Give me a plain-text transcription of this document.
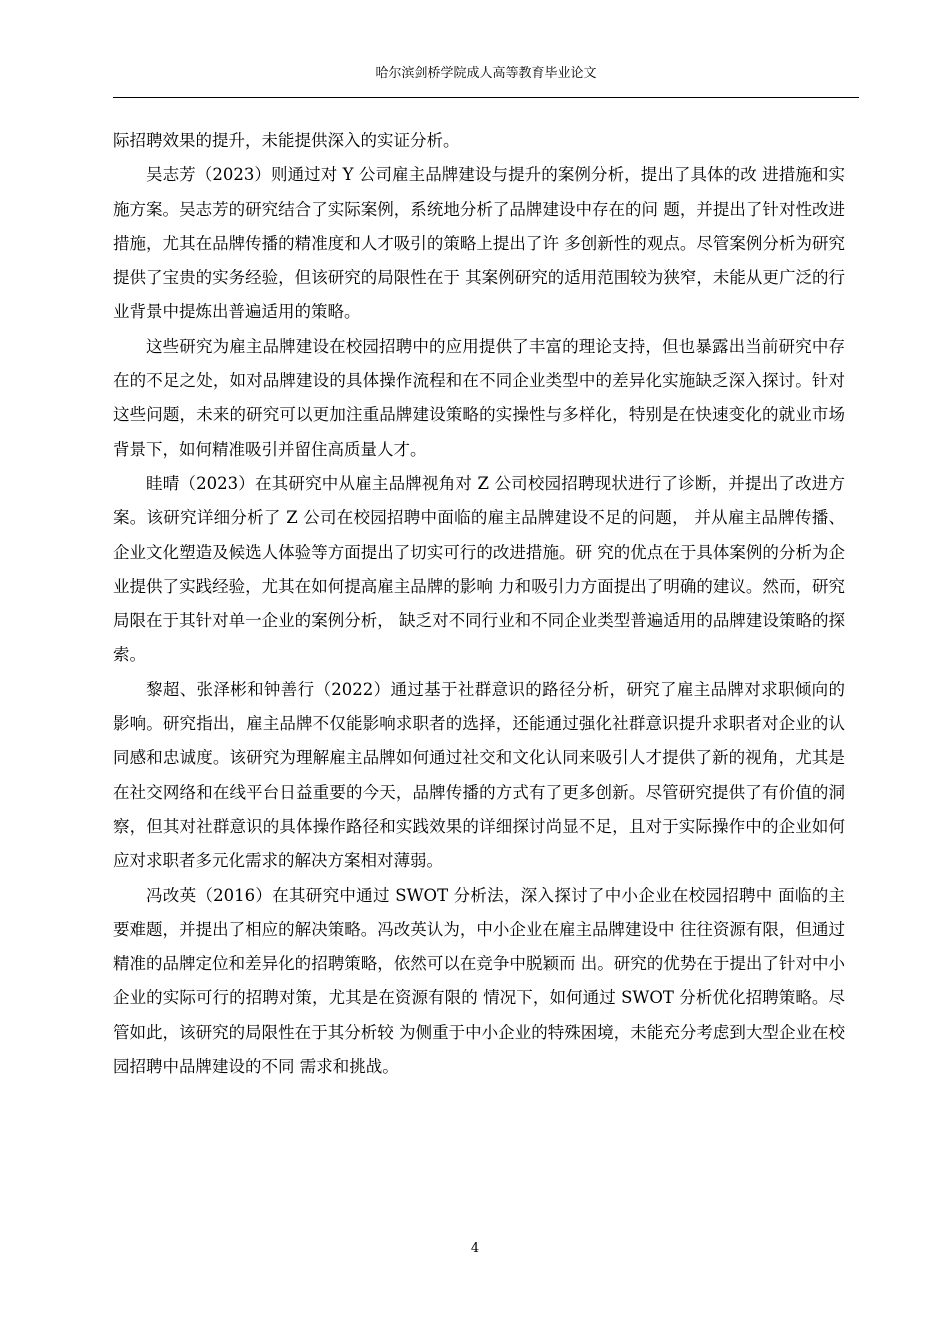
哈尔滨剑桥学院成人高等教育毕业论文

际招聘效果的提升，未能提供深入的实证分析。

吴志芳（2023）则通过对 Y 公司雇主品牌建设与提升的案例分析，提出了具体的改 进措施和实施方案。吴志芳的研究结合了实际案例，系统地分析了品牌建设中存在的问 题，并提出了针对性改进措施，尤其在品牌传播的精准度和人才吸引的策略上提出了许 多创新性的观点。尽管案例分析为研究提供了宝贵的实务经验，但该研究的局限性在于 其案例研究的适用范围较为狭窄，未能从更广泛的行业背景中提炼出普遍适用的策略。

这些研究为雇主品牌建设在校园招聘中的应用提供了丰富的理论支持，但也暴露出当前研究中存在的不足之处，如对品牌建设的具体操作流程和在不同企业类型中的差异化实施缺乏深入探讨。针对这些问题，未来的研究可以更加注重品牌建设策略的实操性与多样化，特别是在快速变化的就业市场背景下，如何精准吸引并留住高质量人才。

眭晴（2023）在其研究中从雇主品牌视角对 Z 公司校园招聘现状进行了诊断，并提出了改进方案。该研究详细分析了 Z 公司在校园招聘中面临的雇主品牌建设不足的问题， 并从雇主品牌传播、企业文化塑造及候选人体验等方面提出了切实可行的改进措施。研 究的优点在于具体案例的分析为企业提供了实践经验，尤其在如何提高雇主品牌的影响 力和吸引力方面提出了明确的建议。然而，研究局限在于其针对单一企业的案例分析， 缺乏对不同行业和不同企业类型普遍适用的品牌建设策略的探索。

黎超、张泽彬和钟善行（2022）通过基于社群意识的路径分析，研究了雇主品牌对求职倾向的影响。研究指出，雇主品牌不仅能影响求职者的选择，还能通过强化社群意识提升求职者对企业的认同感和忠诚度。该研究为理解雇主品牌如何通过社交和文化认同来吸引人才提供了新的视角，尤其是在社交网络和在线平台日益重要的今天，品牌传播的方式有了更多创新。尽管研究提供了有价值的洞察，但其对社群意识的具体操作路径和实践效果的详细探讨尚显不足，且对于实际操作中的企业如何应对求职者多元化需求的解决方案相对薄弱。

冯改英（2016）在其研究中通过 SWOT 分析法，深入探讨了中小企业在校园招聘中 面临的主要难题，并提出了相应的解决策略。冯改英认为，中小企业在雇主品牌建设中 往往资源有限，但通过精准的品牌定位和差异化的招聘策略，依然可以在竞争中脱颖而 出。研究的优势在于提出了针对中小企业的实际可行的招聘对策，尤其是在资源有限的 情况下，如何通过 SWOT 分析优化招聘策略。尽管如此，该研究的局限性在于其分析较 为侧重于中小企业的特殊困境，未能充分考虑到大型企业在校园招聘中品牌建设的不同 需求和挑战。

4
